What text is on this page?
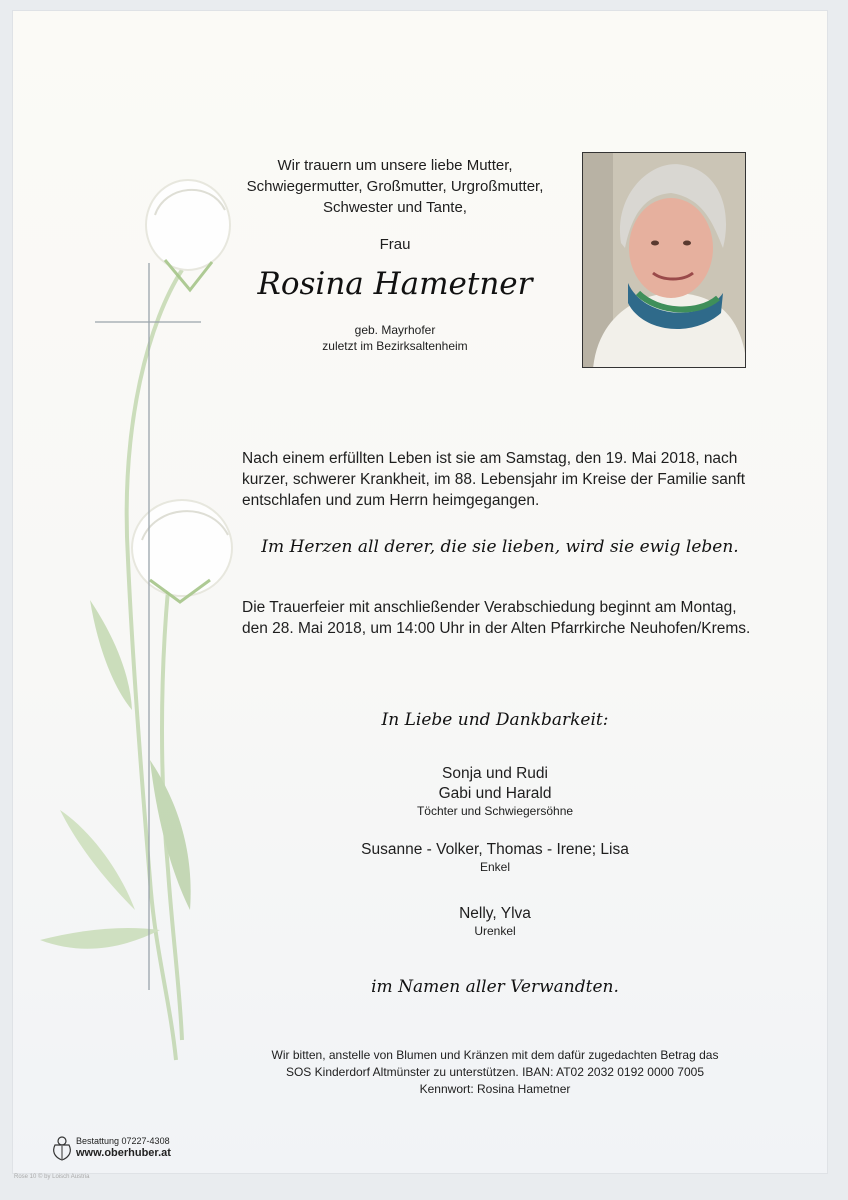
Wir trauern um unsere liebe Mutter,
Schwiegermutter, Großmutter, Urgroßmutter,
Schwester und Tante,
Frau
Rosina Hametner
geb. Mayrhofer
zuletzt im Bezirksaltenheim
Nach einem erfüllten Leben ist sie am Samstag, den 19. Mai 2018, nach
kurzer, schwerer Krankheit, im 88. Lebensjahr im Kreise der Familie sanft
entschlafen und zum Herrn heimgegangen.
Im Herzen all derer, die sie lieben, wird sie ewig leben.
Die Trauerfeier mit anschließender Verabschiedung beginnt am Montag,
den 28. Mai 2018, um 14:00 Uhr in der Alten Pfarrkirche Neuhofen/Krems.
In Liebe und Dankbarkeit:
Sonja und Rudi
Gabi und Harald
Töchter und Schwiegersöhne
Susanne - Volker, Thomas - Irene; Lisa
Enkel
Nelly, Ylva
Urenkel
im Namen aller Verwandten.
Wir bitten, anstelle von Blumen und Kränzen mit dem dafür zugedachten Betrag das
SOS Kinderdorf Altmünster zu unterstützen. IBAN: AT02 2032 0192 0000 7005
Kennwort: Rosina Hametner
Bestattung 07227-4308
www.oberhuber.at
Rose 10 © by Loisch Austria
